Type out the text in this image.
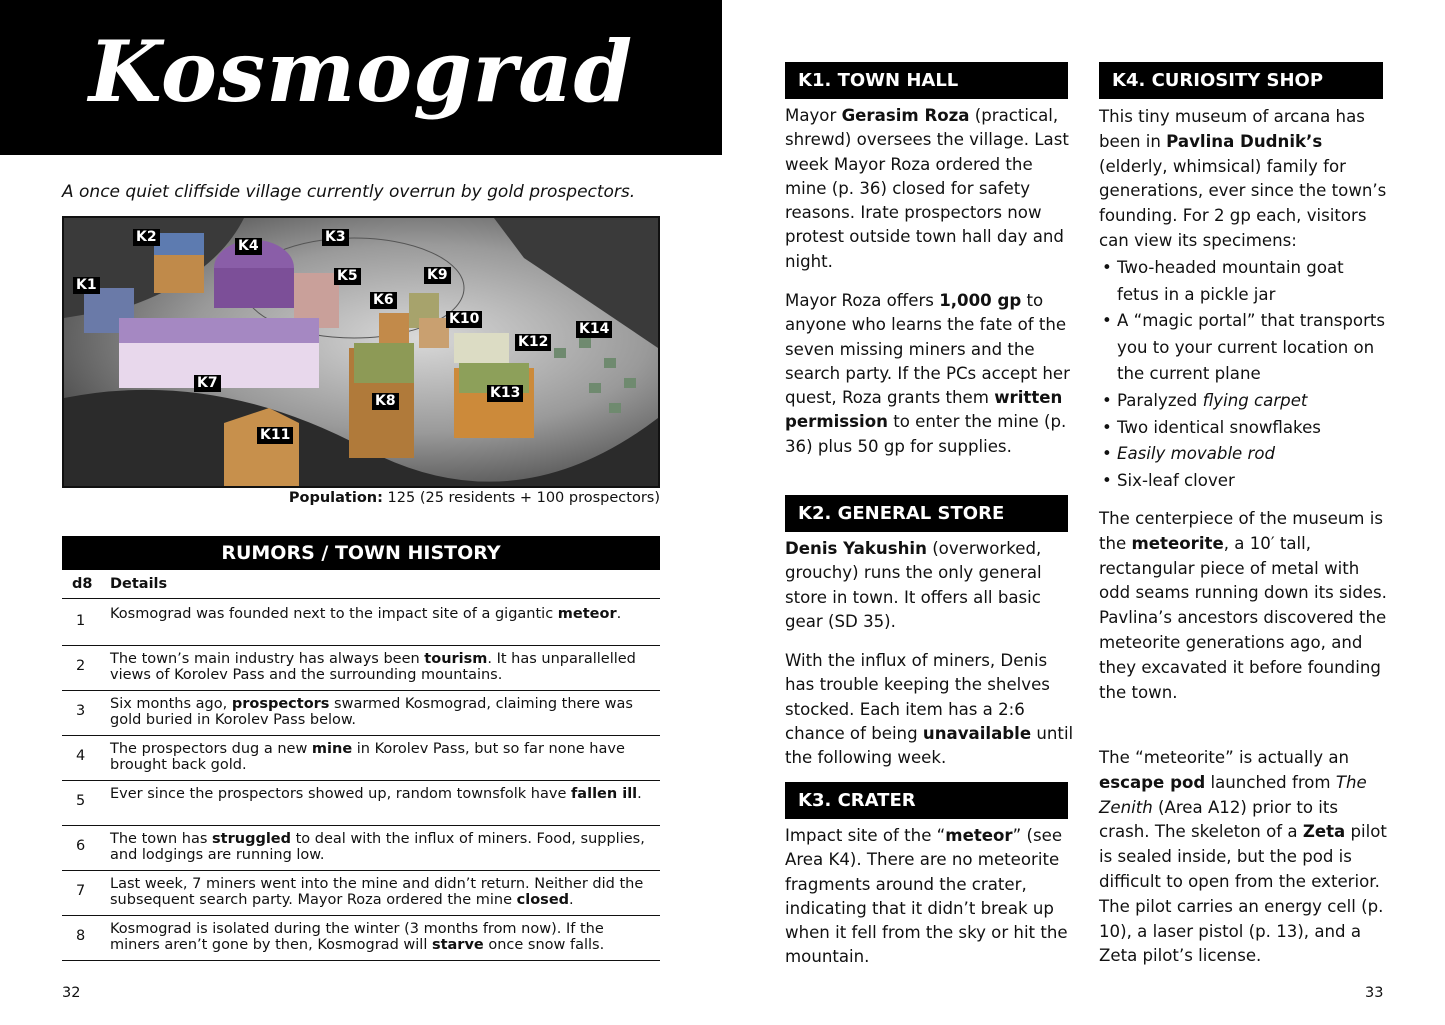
Kosmograd
A once quiet cliffside village currently overrun by gold prospectors.
K1
K2	K3
K4
K5
K6
K7
K8
K9
K10
K11
K12
K13
K14
Population: 125 (25 residents + 100 prospectors)
RUMORS / TOWN HISTORY
d8 Details
1 Kosmograd was founded next to the impact site of a gigantic meteor.
2 The town’s main industry has always been tourism. It has unparallelled views of Korolev Pass and the surrounding mountains.
3 Six months ago, prospectors swarmed Kosmograd, claiming there was gold buried in Korolev Pass below.
4 The prospectors dug a new mine in Korolev Pass, but so far none have brought back gold.
5 Ever since the prospectors showed up, random townsfolk have fallen ill.
6 The town has struggled to deal with the influx of miners. Food, supplies, and lodgings are running low.
7 Last week, 7 miners went into the mine and didn’t return. Neither did the subsequent search party. Mayor Roza ordered the mine closed.
8 Kosmograd is isolated during the winter (3 months from now). If the miners aren’t gone by then, Kosmograd will starve once snow falls.
32
K1. TOWN HALL
Mayor Gerasim Roza (practical, shrewd) oversees the village. Last week Mayor Roza ordered the mine (p. 36) closed for safety reasons. Irate prospectors now protest outside town hall day and night.
Mayor Roza offers 1,000 gp to anyone who learns the fate of the seven missing miners and the search party. If the PCs accept her quest, Roza grants them written permission to enter the mine (p. 36) plus 50 gp for supplies.
K2. GENERAL STORE
Denis Yakushin (overworked, grouchy) runs the only general store in town. It offers all basic gear (SD 35).
With the influx of miners, Denis has trouble keeping the shelves stocked. Each item has a 2:6 chance of being unavailable until the following week.
K3. CRATER
Impact site of the “meteor” (see Area K4). There are no meteorite fragments around the crater, indicating that it didn’t break up when it fell from the sky or hit the mountain.
K4. CURIOSITY SHOP
This tiny museum of arcana has been in Pavlina Dudnik’s (elderly, whimsical) family for generations, ever since the town’s founding. For 2 gp each, visitors can view its specimens:
• Two-headed mountain goat fetus in a pickle jar
• A “magic portal” that transports you to your current location on the current plane
• Paralyzed flying carpet
• Two identical snowflakes
• Easily movable rod
• Six-leaf clover
The centerpiece of the museum is the meteorite, a 10′ tall, rectangular piece of metal with odd seams running down its sides. Pavlina’s ancestors discovered the meteorite generations ago, and they excavated it before founding the town.
The “meteorite” is actually an escape pod launched from The Zenith (Area A12) prior to its crash. The skeleton of a Zeta pilot is sealed inside, but the pod is difficult to open from the exterior. The pilot carries an energy cell (p. 10), a laser pistol (p. 13), and a Zeta pilot’s license.
33
